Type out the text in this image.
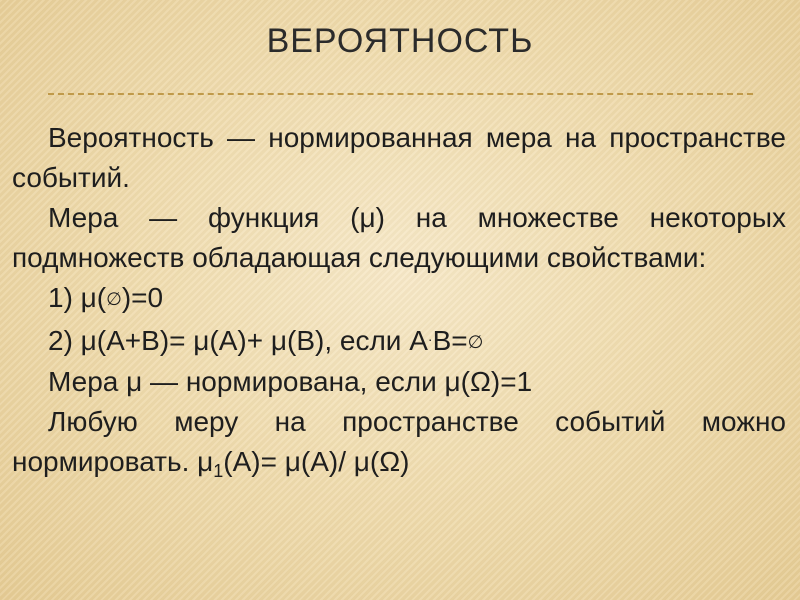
ВЕРОЯТНОСТЬ

Вероятность — нормированная мера на пространстве событий.

Мера — функция (μ) на множестве некоторых подмножеств обладающая следующими свойствами:

1) μ(∅)=0

2) μ(A+B)= μ(A)+ μ(B), если A·B=∅

Мера μ — нормирована, если μ(Ω)=1

Любую меру на пространстве событий можно нормировать. $\mu_1(A)= \mu(A)/$ μ(Ω)
